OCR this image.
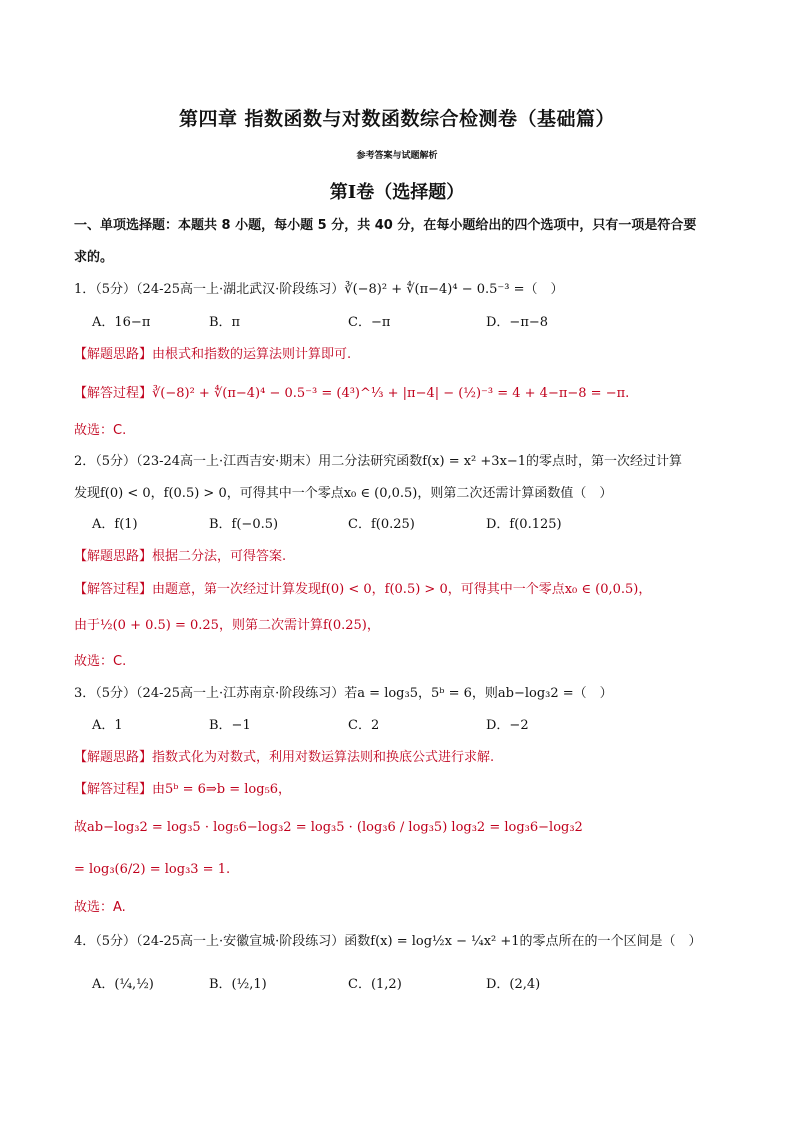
第四章 指数函数与对数函数综合检测卷（基础篇）
参考答案与试题解析
第I卷（选择题）
一、单项选择题：本题共 8 小题，每小题 5 分，共 40 分，在每小题给出的四个选项中，只有一项是符合要
求的。
1．（5分）（24-25高一上·湖北武汉·阶段练习）∛(−8)² + ∜(π−4)⁴ − 0.5⁻³ =（　）
A．16−π	B．π	C．−π	D．−π−8
【解题思路】由根式和指数的运算法则计算即可.
【解答过程】∛(−8)² + ∜(π−4)⁴ − 0.5⁻³ = (4³)^⅓ + |π−4| − (½)⁻³ = 4 + 4−π−8 = −π.
故选：C.
2．（5分）（23-24高一上·江西吉安·期末）用二分法研究函数f(x) = x² +3x−1的零点时，第一次经过计算
发现f(0) < 0，f(0.5) > 0，可得其中一个零点x₀ ∈ (0,0.5)，则第二次还需计算函数值（　）
A．f(1)	B．f(−0.5)	C．f(0.25)	D．f(0.125)
【解题思路】根据二分法，可得答案.
【解答过程】由题意，第一次经过计算发现f(0) < 0，f(0.5) > 0，可得其中一个零点x₀ ∈ (0,0.5)，
由于½(0 + 0.5) = 0.25，则第二次需计算f(0.25)，
故选：C.
3．（5分）（24-25高一上·江苏南京·阶段练习）若a = log₃5，5ᵇ = 6，则ab−log₃2 =（　）
A．1	B．−1	C．2	D．−2
【解题思路】指数式化为对数式，利用对数运算法则和换底公式进行求解.
【解答过程】由5ᵇ = 6⇒b = log₅6，
故ab−log₃2 = log₃5 · log₅6−log₃2 = log₃5 · (log₃6 / log₃5) log₃2 = log₃6−log₃2
= log₃(6/2) = log₃3 = 1.
故选：A.
4．（5分）（24-25高一上·安徽宣城·阶段练习）函数f(x) = log½x − ¼x² +1的零点所在的一个区间是（　）
A．(¼,½)	B．(½,1)	C．(1,2)	D．(2,4)
